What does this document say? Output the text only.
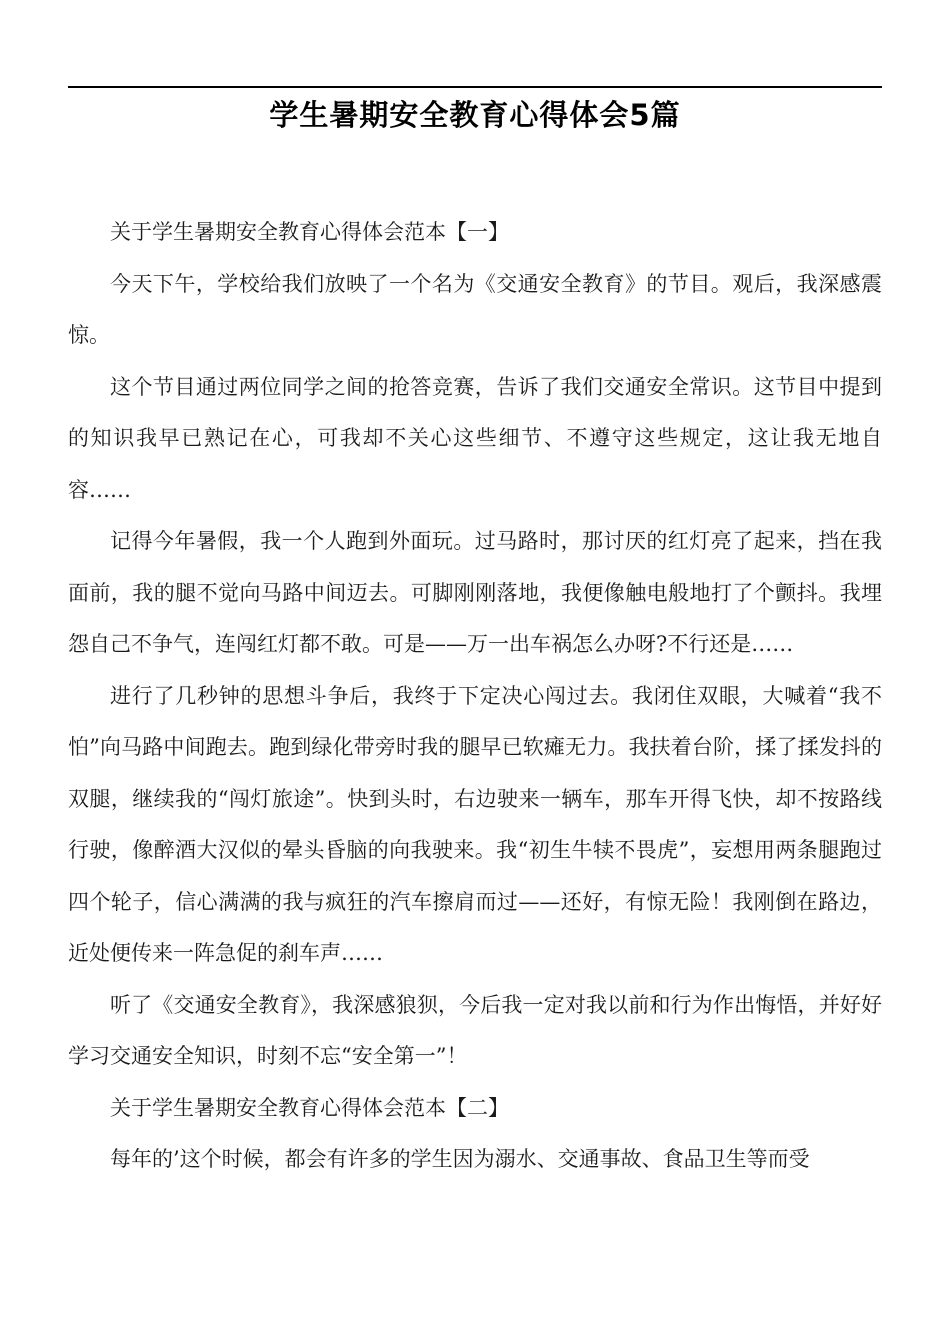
学生暑期安全教育心得体会5篇

关于学生暑期安全教育心得体会范本【一】

今天下午，学校给我们放映了一个名为《交通安全教育》的节目。观后，我深感震惊。

这个节目通过两位同学之间的抢答竞赛，告诉了我们交通安全常识。这节目中提到的知识我早已熟记在心，可我却不关心这些细节、不遵守这些规定，这让我无地自容……

记得今年暑假，我一个人跑到外面玩。过马路时，那讨厌的红灯亮了起来，挡在我面前，我的腿不觉向马路中间迈去。可脚刚刚落地，我便像触电般地打了个颤抖。我埋怨自己不争气，连闯红灯都不敢。可是——万一出车祸怎么办呀?不行还是……

进行了几秒钟的思想斗争后，我终于下定决心闯过去。我闭住双眼，大喊着“我不怕”向马路中间跑去。跑到绿化带旁时我的腿早已软瘫无力。我扶着台阶，揉了揉发抖的双腿，继续我的“闯灯旅途”。快到头时，右边驶来一辆车，那车开得飞快，却不按路线行驶，像醉酒大汉似的晕头昏脑的向我驶来。我“初生牛犊不畏虎”，妄想用两条腿跑过四个轮子，信心满满的我与疯狂的汽车擦肩而过——还好，有惊无险！我刚倒在路边，近处便传来一阵急促的刹车声……

听了《交通安全教育》，我深感狼狈，今后我一定对我以前和行为作出悔悟，并好好学习交通安全知识，时刻不忘“安全第一”！

关于学生暑期安全教育心得体会范本【二】

每年的’这个时候，都会有许多的学生因为溺水、交通事故、食品卫生等而受
